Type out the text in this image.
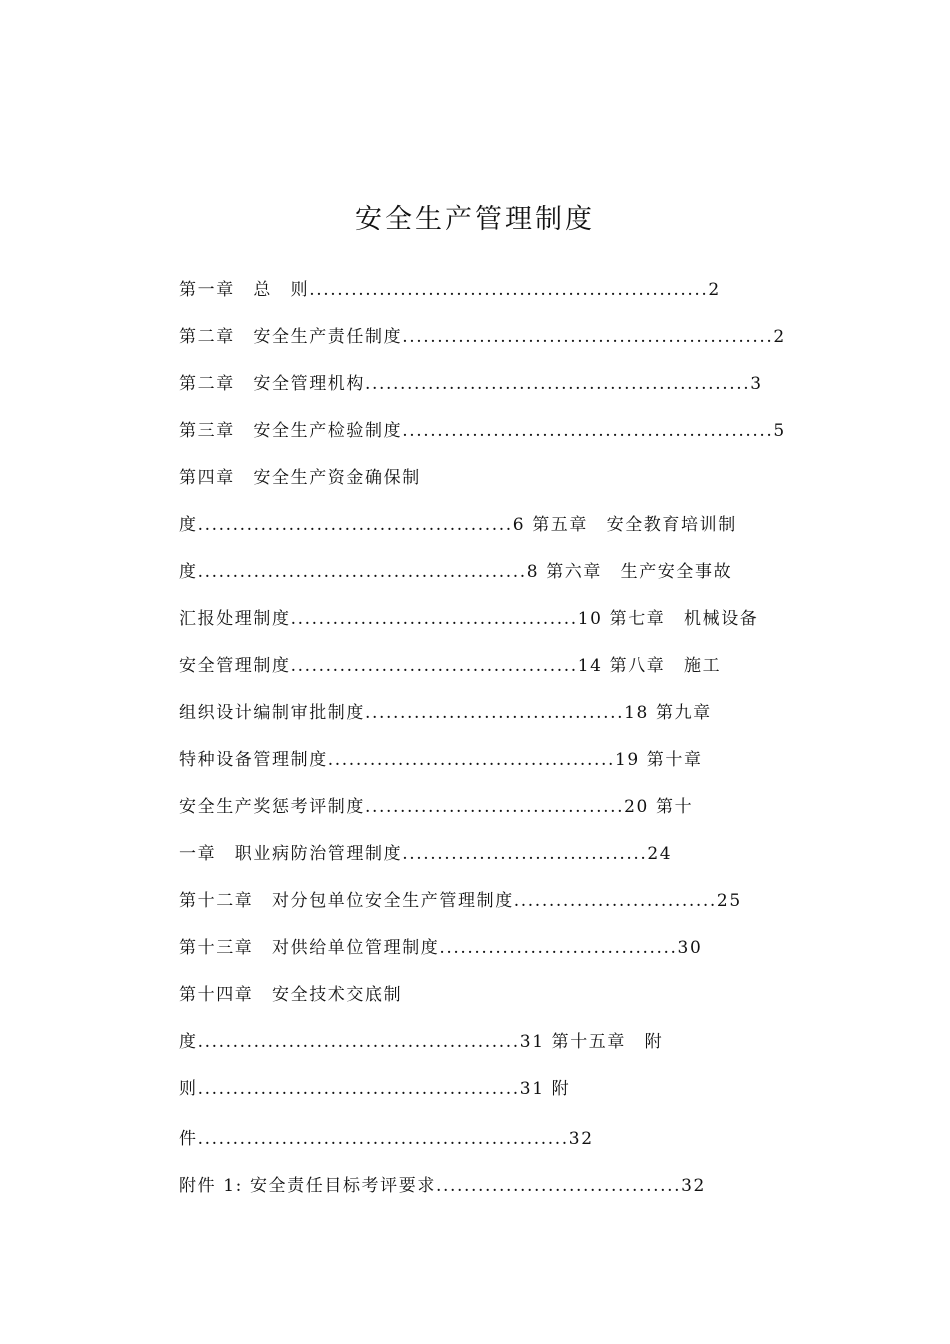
安全生产管理制度
第一章　总　则.........................................................2
第二章　安全生产责任制度.....................................................2
第二章　安全管理机构.......................................................3
第三章　安全生产检验制度.....................................................5
第四章　安全生产资金确保制
度.............................................6 第五章　安全教育培训制
度...............................................8 第六章　生产安全事故
汇报处理制度.........................................10 第七章　机械设备
安全管理制度.........................................14 第八章　施工
组织设计编制审批制度.....................................18 第九章
特种设备管理制度.........................................19 第十章
安全生产奖惩考评制度.....................................20 第十
一章　职业病防治管理制度...................................24
第十二章　对分包单位安全生产管理制度.............................25
第十三章　对供给单位管理制度..................................30
第十四章　安全技术交底制
度..............................................31 第十五章　附
则..............................................31 附
件.....................................................32
附件 1: 安全责任目标考评要求...................................32
